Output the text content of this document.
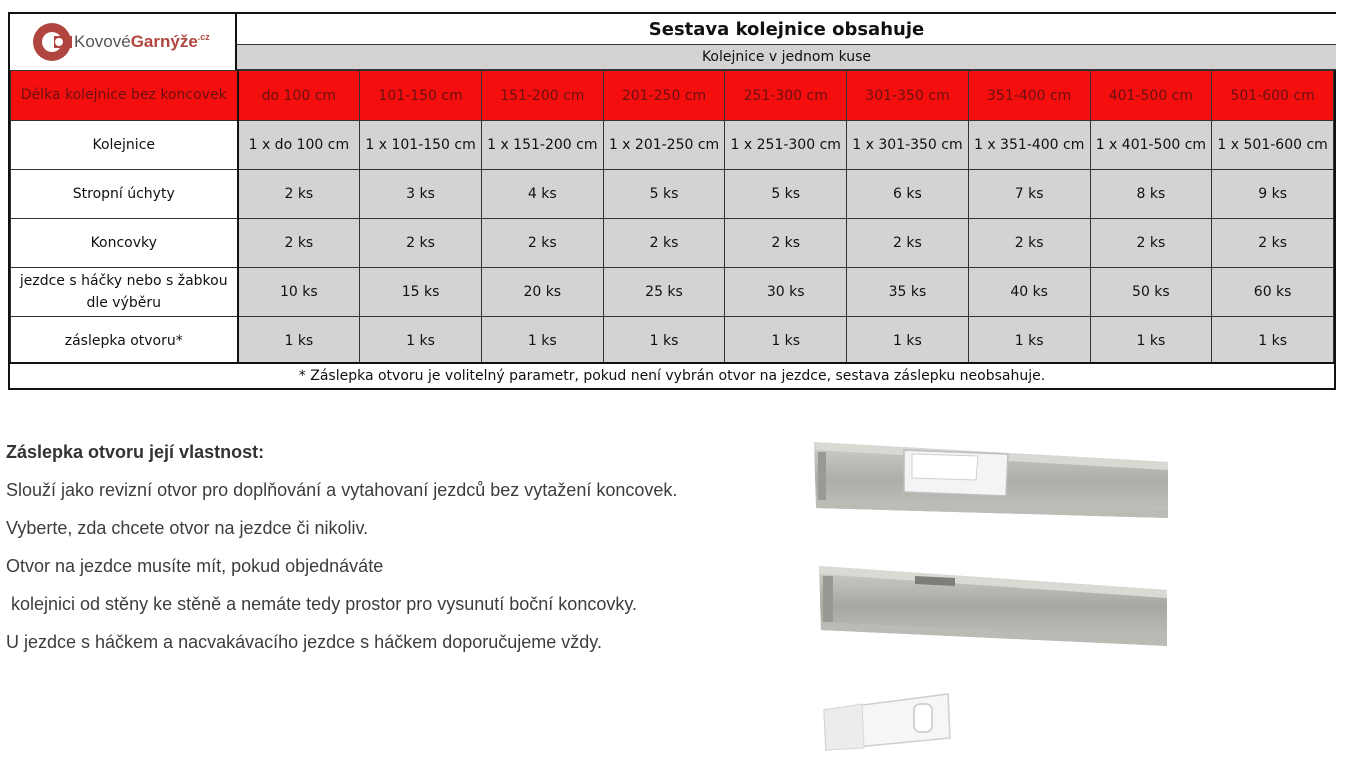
KovovéGarnýže$^{.cz}$	Sestava kolejnice obsahuje
Kolejnice v jednom kuse
Délka kolejnice bez koncovek	do 100 cm	101-150 cm	151-200 cm	201-250 cm	251-300 cm	301-350 cm	351-400 cm	401-500 cm	501-600 cm
Kolejnice	1 x do 100 cm	1 x 101-150 cm	1 x 151-200 cm	1 x 201-250 cm	1 x 251-300 cm	1 x 301-350 cm	1 x 351-400 cm	1 x 401-500 cm	1 x 501-600 cm
Stropní úchyty	2 ks	3 ks	4 ks	5 ks	5 ks	6 ks	7 ks	8 ks	9 ks
Koncovky	2 ks	2 ks	2 ks	2 ks	2 ks	2 ks	2 ks	2 ks	2 ks
jezdce s háčky nebo s žabkou dle výběru	10 ks	15 ks	20 ks	25 ks	30 ks	35 ks	40 ks	50 ks	60 ks
záslepka otvoru*	1 ks	1 ks	1 ks	1 ks	1 ks	1 ks	1 ks	1 ks	1 ks
* Záslepka otvoru je volitelný parametr, pokud není vybrán otvor na jezdce, sestava záslepku neobsahuje.

Záslepka otvoru její vlastnost:

Slouží jako revizní otvor pro doplňování a vytahovaní jezdců bez vytažení koncovek.

Vyberte, zda chcete otvor na jezdce či nikoliv.

Otvor na jezdce musíte mít, pokud objednáváte

kolejnici od stěny ke stěně a nemáte tedy prostor pro vysunutí boční koncovky.

U jezdce s háčkem a nacvakávacího jezdce s háčkem doporučujeme vždy.
